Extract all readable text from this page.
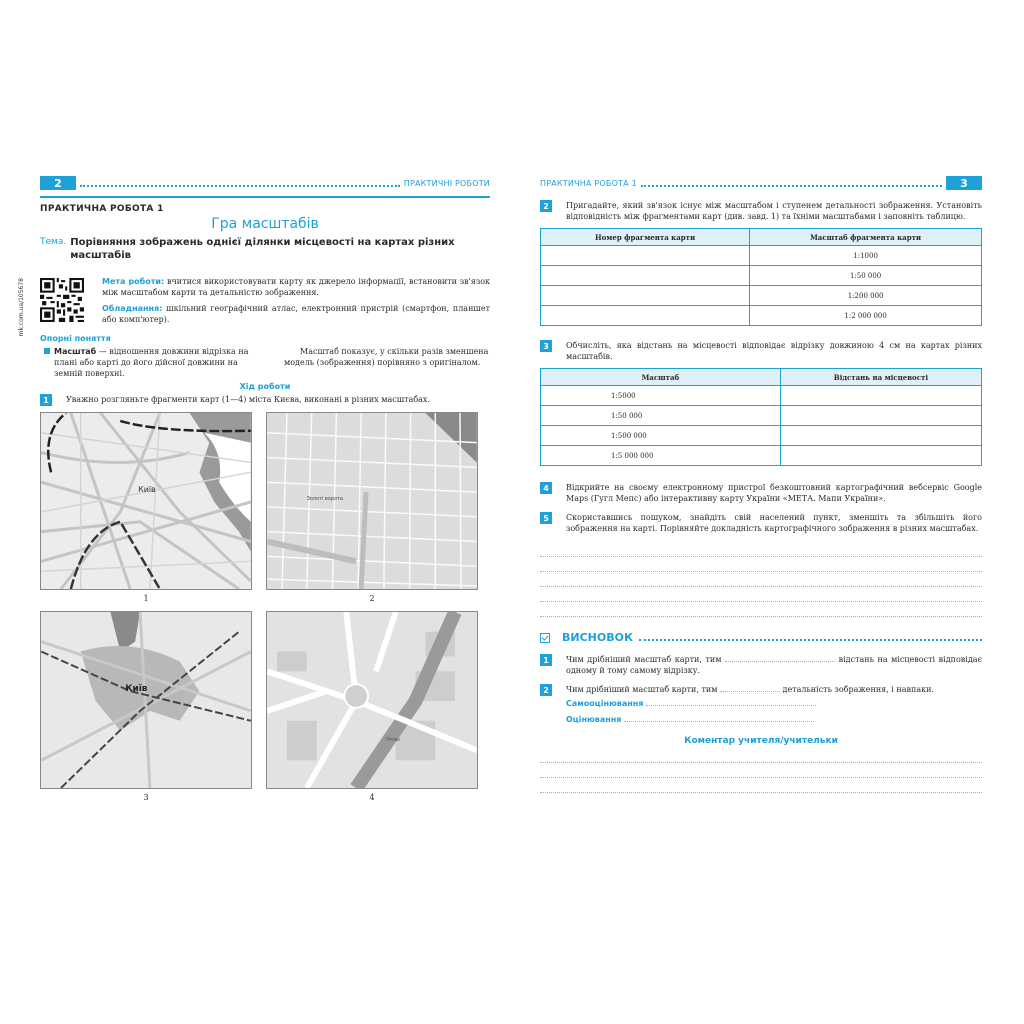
2	ПРАКТИЧНІ РОБОТИ
ПРАКТИЧНА РОБОТА 1
Гра масштабів
Тема. Порівняння зображень однієї ділянки місцевості на картах різних масштабів
mk.com.ua/105678	Мета роботи: вчитися використовувати карту як джерело інформації, встановити зв'язок між масштабом карти та детальністю зображення.

Обладнання: шкільний географічний атлас, електронний пристрій (смартфон, планшет або комп'ютер).

Опорні поняття
Масштаб — відношення довжини відрізка на плані або карті до його дійсної довжини на земній поверхні.
Масштаб показує, у скільки разів зменшена модель (зображення) порівняно з оригіналом.
Хід роботи
1	Уважно розгляньте фрагменти карт (1—4) міста Києва, виконані в різних масштабах.
Київ
1
Золоті ворота
2
Київ
3
Площа
4
ПРАКТИЧНА РОБОТА 1	3
2	Пригадайте, який зв'язок існує між масштабом і ступенем детальності зображення. Установіть відповідність між фрагментами карт (див. завд. 1) та їхніми масштабами і заповніть таблицю.
Номер фрагмента карти	Масштаб фрагмента карти
	1:1000
	1:50 000
	1:200 000
	1:2 000 000
3	Обчисліть, яка відстань на місцевості відповідає відрізку довжиною 4 см на картах різних масштабів.
Масштаб	Відстань на місцевості
1:5000	
1:50 000	
1:500 000	
1:5 000 000	
4	Відкрийте на своєму електронному пристрої безкоштовний картографічний вебсервіс Google Maps (Гугл Мепс) або інтерактивну карту України «МЕТА. Мапи України».
5	Скориставшись пошуком, знайдіть свій населений пункт, зменшіть та збільшіть його зображення на карті. Порівняйте докладність картографічного зображення в різних масштабах.
ВИСНОВОК
1	Чим дрібніший масштаб карти, тим	відстань на місцевості відповідає одному й тому самому відрізку.
2	Чим дрібніший масштаб карти, тим	детальність зображення, і навпаки.
Самооцінювання
Оцінювання
Коментар учителя/учительки
